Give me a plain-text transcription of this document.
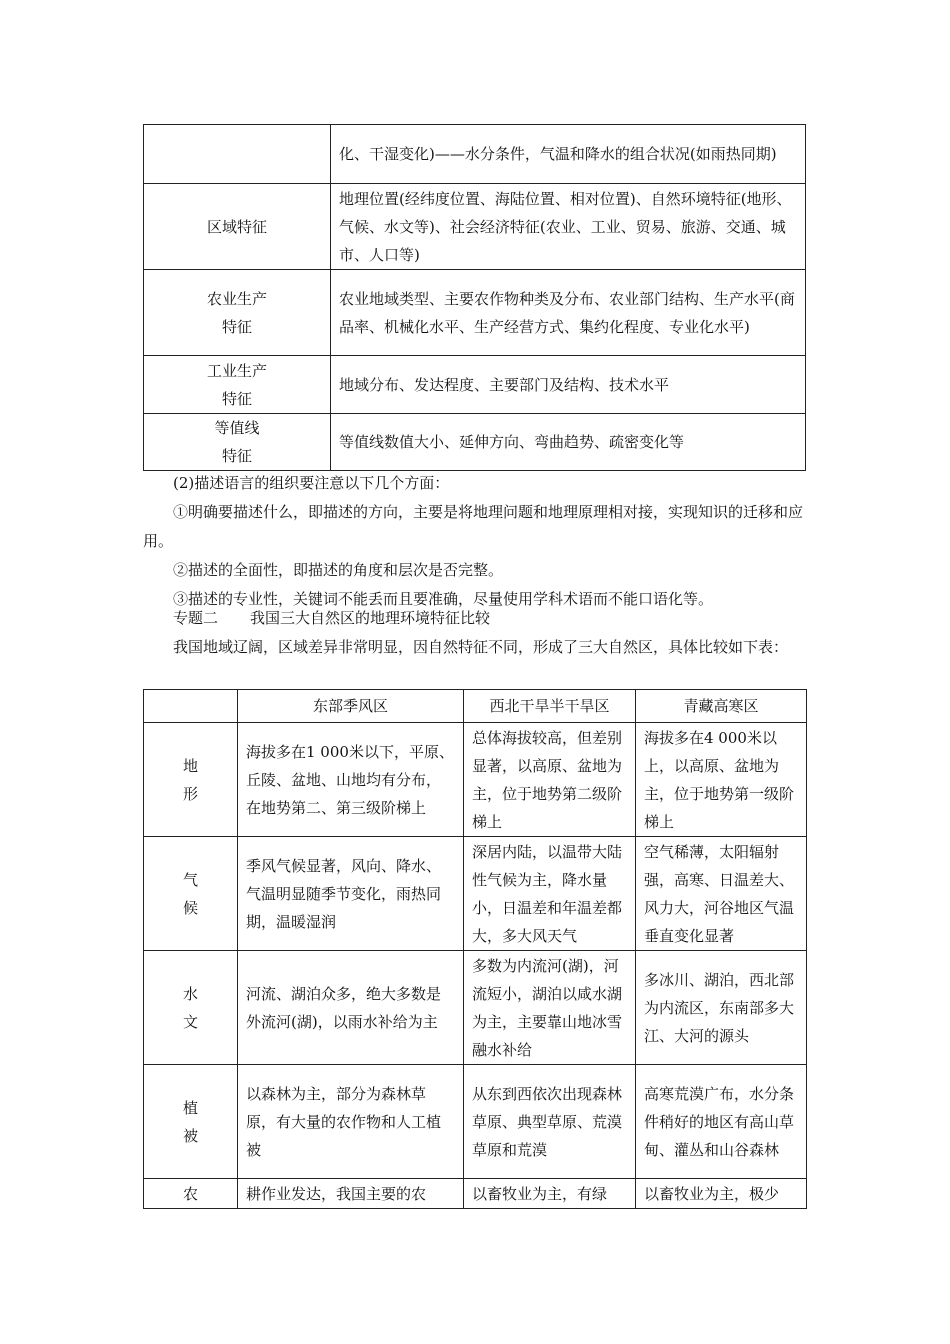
	化、干湿变化)——水分条件，气温和降水的组合状况(如雨热同期)
区域特征	地理位置(经纬度位置、海陆位置、相对位置)、自然环境特征(地形、气候、水文等)、社会经济特征(农业、工业、贸易、旅游、交通、城市、人口等)
农业生产
特征	农业地域类型、主要农作物种类及分布、农业部门结构、生产水平(商品率、机械化水平、生产经营方式、集约化程度、专业化水平)
工业生产
特征	地域分布、发达程度、主要部门及结构、技术水平
等值线
特征	等值线数值大小、延伸方向、弯曲趋势、疏密变化等
(2)描述语言的组织要注意以下几个方面：
①明确要描述什么，即描述的方向，主要是将地理问题和地理原理相对接，实现知识的迁移和应用。
②描述的全面性，即描述的角度和层次是否完整。
③描述的专业性，关键词不能丢而且要准确，尽量使用学科术语而不能口语化等。
专题二 我国三大自然区的地理环境特征比较
我国地域辽阔，区域差异非常明显，因自然特征不同，形成了三大自然区，具体比较如下表：
	东部季风区	西北干旱半干旱区	青藏高寒区
地
形	海拔多在1 000米以下，平原、丘陵、盆地、山地均有分布，在地势第二、第三级阶梯上	总体海拔较高，但差别显著，以高原、盆地为主，位于地势第二级阶梯上	海拔多在4 000米以上，以高原、盆地为主，位于地势第一级阶梯上
气
候	季风气候显著，风向、降水、气温明显随季节变化，雨热同期，温暖湿润	深居内陆，以温带大陆性气候为主，降水量小，日温差和年温差都大，多大风天气	空气稀薄，太阳辐射强，高寒、日温差大、风力大，河谷地区气温垂直变化显著
水
文	河流、湖泊众多，绝大多数是外流河(湖)，以雨水补给为主	多数为内流河(湖)，河流短小，湖泊以咸水湖为主，主要靠山地冰雪融水补给	多冰川、湖泊，西北部为内流区，东南部多大江、大河的源头
植
被	以森林为主，部分为森林草原，有大量的农作物和人工植被	从东到西依次出现森林草原、典型草原、荒漠草原和荒漠	高寒荒漠广布，水分条件稍好的地区有高山草甸、灌丛和山谷森林
农	耕作业发达，我国主要的农	以畜牧业为主，有绿	以畜牧业为主，极少
